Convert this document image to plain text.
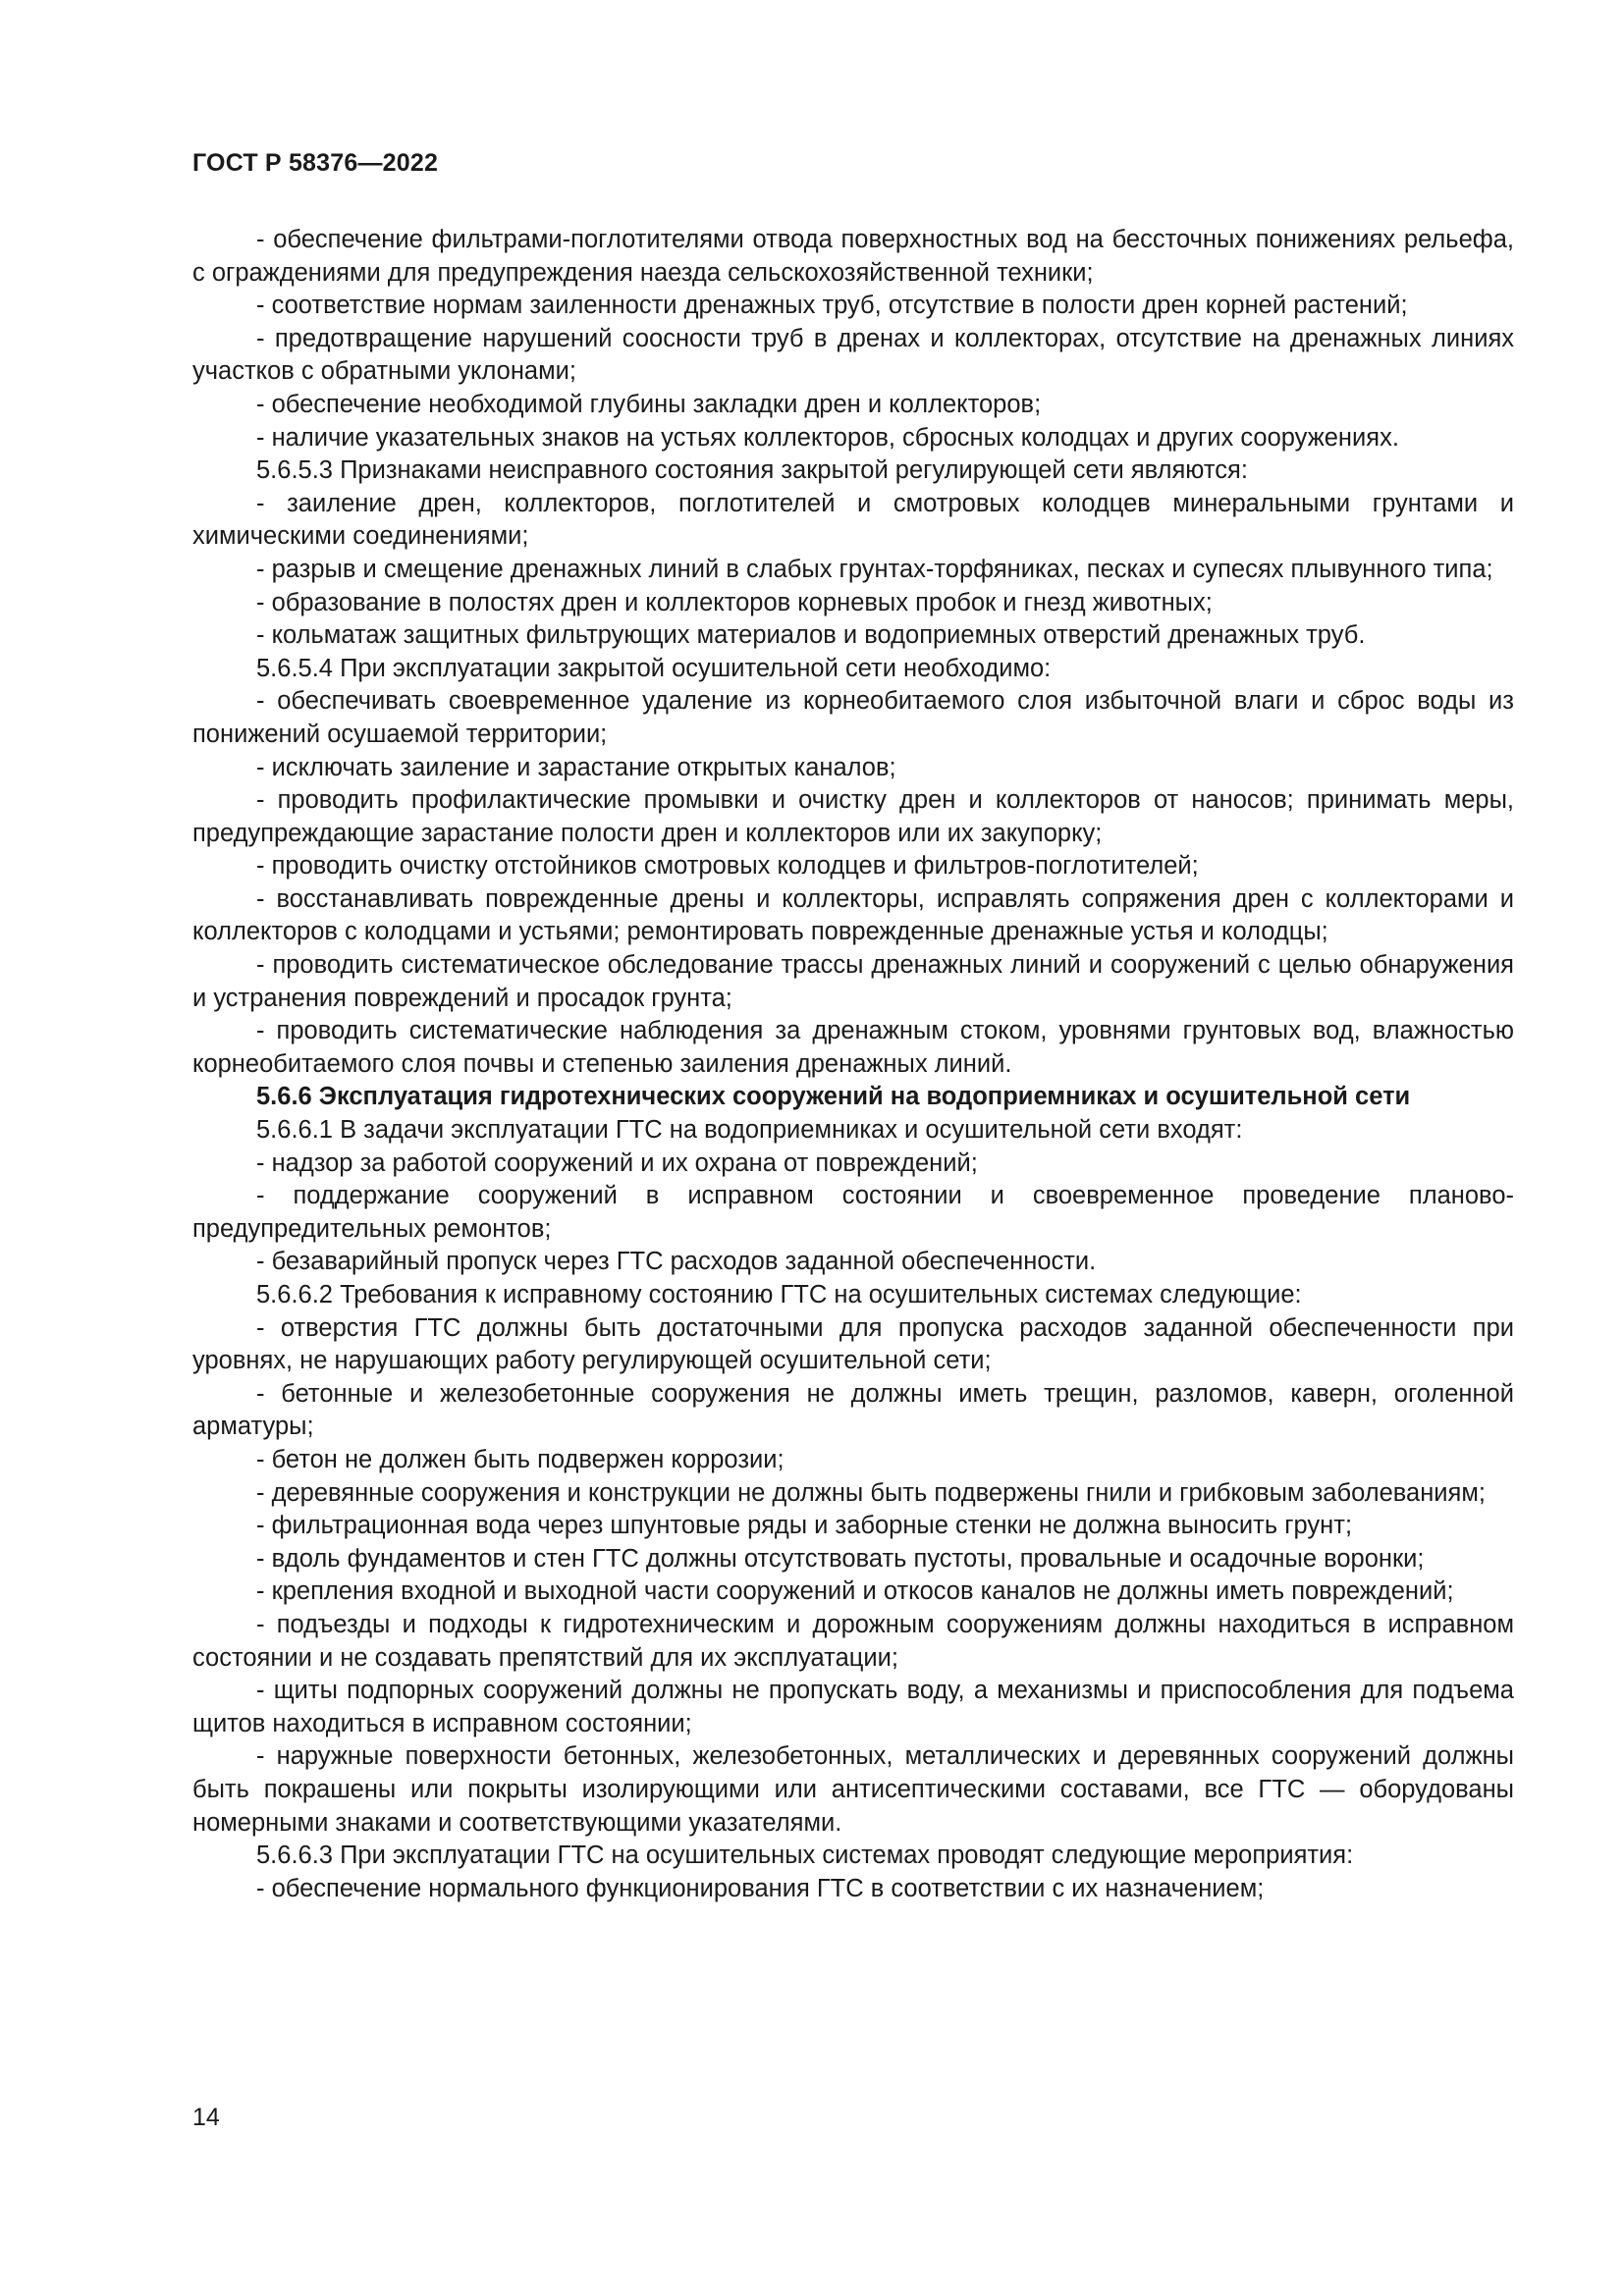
ГОСТ Р 58376—2022

- обеспечение фильтрами-поглотителями отвода поверхностных вод на бессточных понижениях рельефа, с ограждениями для предупреждения наезда сельскохозяйственной техники;

- соответствие нормам заиленности дренажных труб, отсутствие в полости дрен корней растений;

- предотвращение нарушений соосности труб в дренах и коллекторах, отсутствие на дренажных линиях участков с обратными уклонами;

- обеспечение необходимой глубины закладки дрен и коллекторов;

- наличие указательных знаков на устьях коллекторов, сбросных колодцах и других сооружениях.

5.6.5.3 Признаками неисправного состояния закрытой регулирующей сети являются:

- заиление дрен, коллекторов, поглотителей и смотровых колодцев минеральными грунтами и химическими соединениями;

- разрыв и смещение дренажных линий в слабых грунтах-торфяниках, песках и супесях плывунного типа;

- образование в полостях дрен и коллекторов корневых пробок и гнезд животных;

- кольматаж защитных фильтрующих материалов и водоприемных отверстий дренажных труб.

5.6.5.4 При эксплуатации закрытой осушительной сети необходимо:

- обеспечивать своевременное удаление из корнеобитаемого слоя избыточной влаги и сброс воды из понижений осушаемой территории;

- исключать заиление и зарастание открытых каналов;

- проводить профилактические промывки и очистку дрен и коллекторов от наносов; принимать меры, предупреждающие зарастание полости дрен и коллекторов или их закупорку;

- проводить очистку отстойников смотровых колодцев и фильтров-поглотителей;

- восстанавливать поврежденные дрены и коллекторы, исправлять сопряжения дрен с коллекторами и коллекторов с колодцами и устьями; ремонтировать поврежденные дренажные устья и колодцы;

- проводить систематическое обследование трассы дренажных линий и сооружений с целью обнаружения и устранения повреждений и просадок грунта;

- проводить систематические наблюдения за дренажным стоком, уровнями грунтовых вод, влажностью корнеобитаемого слоя почвы и степенью заиления дренажных линий.

5.6.6 Эксплуатация гидротехнических сооружений на водоприемниках и осушительной сети

5.6.6.1 В задачи эксплуатации ГТС на водоприемниках и осушительной сети входят:

- надзор за работой сооружений и их охрана от повреждений;

- поддержание сооружений в исправном состоянии и своевременное проведение планово-предупредительных ремонтов;

- безаварийный пропуск через ГТС расходов заданной обеспеченности.

5.6.6.2 Требования к исправному состоянию ГТС на осушительных системах следующие:

- отверстия ГТС должны быть достаточными для пропуска расходов заданной обеспеченности при уровнях, не нарушающих работу регулирующей осушительной сети;

- бетонные и железобетонные сооружения не должны иметь трещин, разломов, каверн, оголенной арматуры;

- бетон не должен быть подвержен коррозии;

- деревянные сооружения и конструкции не должны быть подвержены гнили и грибковым заболеваниям;

- фильтрационная вода через шпунтовые ряды и заборные стенки не должна выносить грунт;

- вдоль фундаментов и стен ГТС должны отсутствовать пустоты, провальные и осадочные воронки;

- крепления входной и выходной части сооружений и откосов каналов не должны иметь повреждений;

- подъезды и подходы к гидротехническим и дорожным сооружениям должны находиться в исправном состоянии и не создавать препятствий для их эксплуатации;

- щиты подпорных сооружений должны не пропускать воду, а механизмы и приспособления для подъема щитов находиться в исправном состоянии;

- наружные поверхности бетонных, железобетонных, металлических и деревянных сооружений должны быть покрашены или покрыты изолирующими или антисептическими составами, все ГТС — оборудованы номерными знаками и соответствующими указателями.

5.6.6.3 При эксплуатации ГТС на осушительных системах проводят следующие мероприятия:

- обеспечение нормального функционирования ГТС в соответствии с их назначением;

14
